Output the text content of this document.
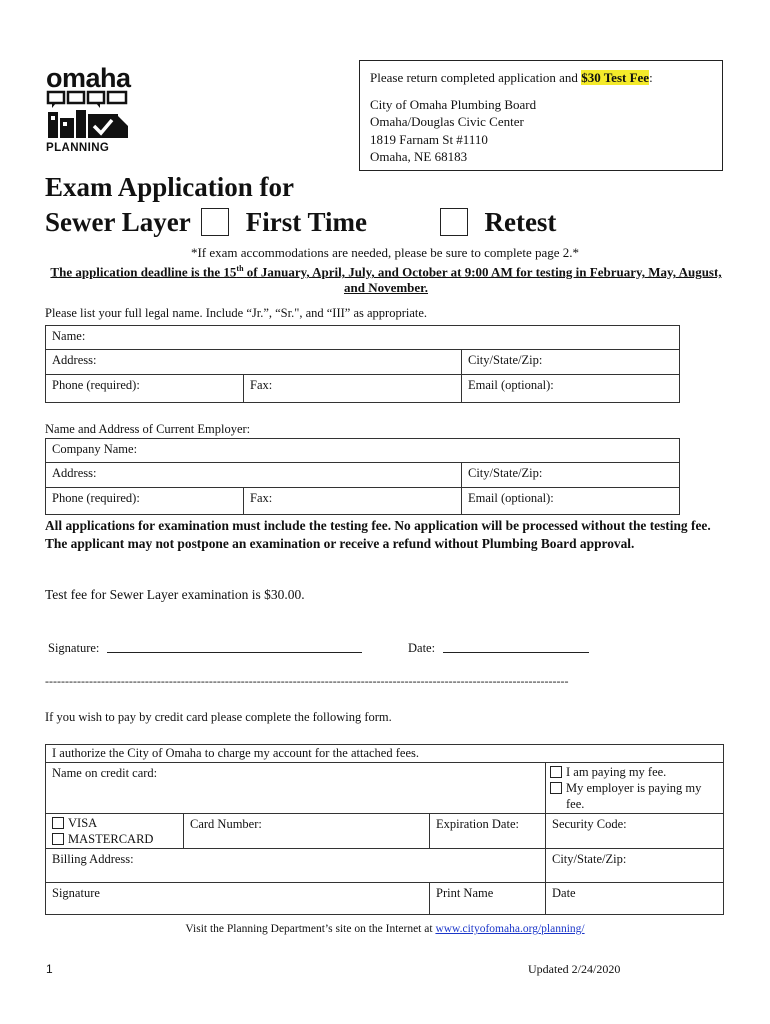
omaha
PLANNING
Please return completed application and $30 Test Fee:
City of Omaha Plumbing Board
Omaha/Douglas Civic Center
1819 Farnam St #1110
Omaha, NE 68183
Exam Application for
Sewer Layer First Time	Retest
*If exam accommodations are needed, please be sure to complete page 2.*
The application deadline is the 15th of January, April, July, and October at 9:00 AM for testing in February, May, August, and November.
Please list your full legal name. Include “Jr.”, “Sr.", and “III” as appropriate.
Name:		
Address:		City/State/Zip:
Phone (required):	Fax:	Email (optional):
Name and Address of Current Employer:
Company Name:		
Address:		City/State/Zip:
Phone (required):	Fax:	Email (optional):
All applications for examination must include the testing fee. No application will be processed without the testing fee. The applicant may not postpone an examination or receive a refund without Plumbing Board approval.
Test fee for Sewer Layer examination is $30.00.
Signature:	Date:
-----------------------------------------------------------------------------------------------------------------------------------
If you wish to pay by credit card please complete the following form.
I authorize the City of Omaha to charge my account for the attached fees.			
Name on credit card:			I am paying my fee.
My employer is paying my fee.

VISA
MASTERCARD	Card Number:	Expiration Date:	Security Code:
Billing Address:			City/State/Zip:
Signature		Print Name	Date
Visit the Planning Department’s site on the Internet at www.cityofomaha.org/planning/
1	Updated 2/24/2020
